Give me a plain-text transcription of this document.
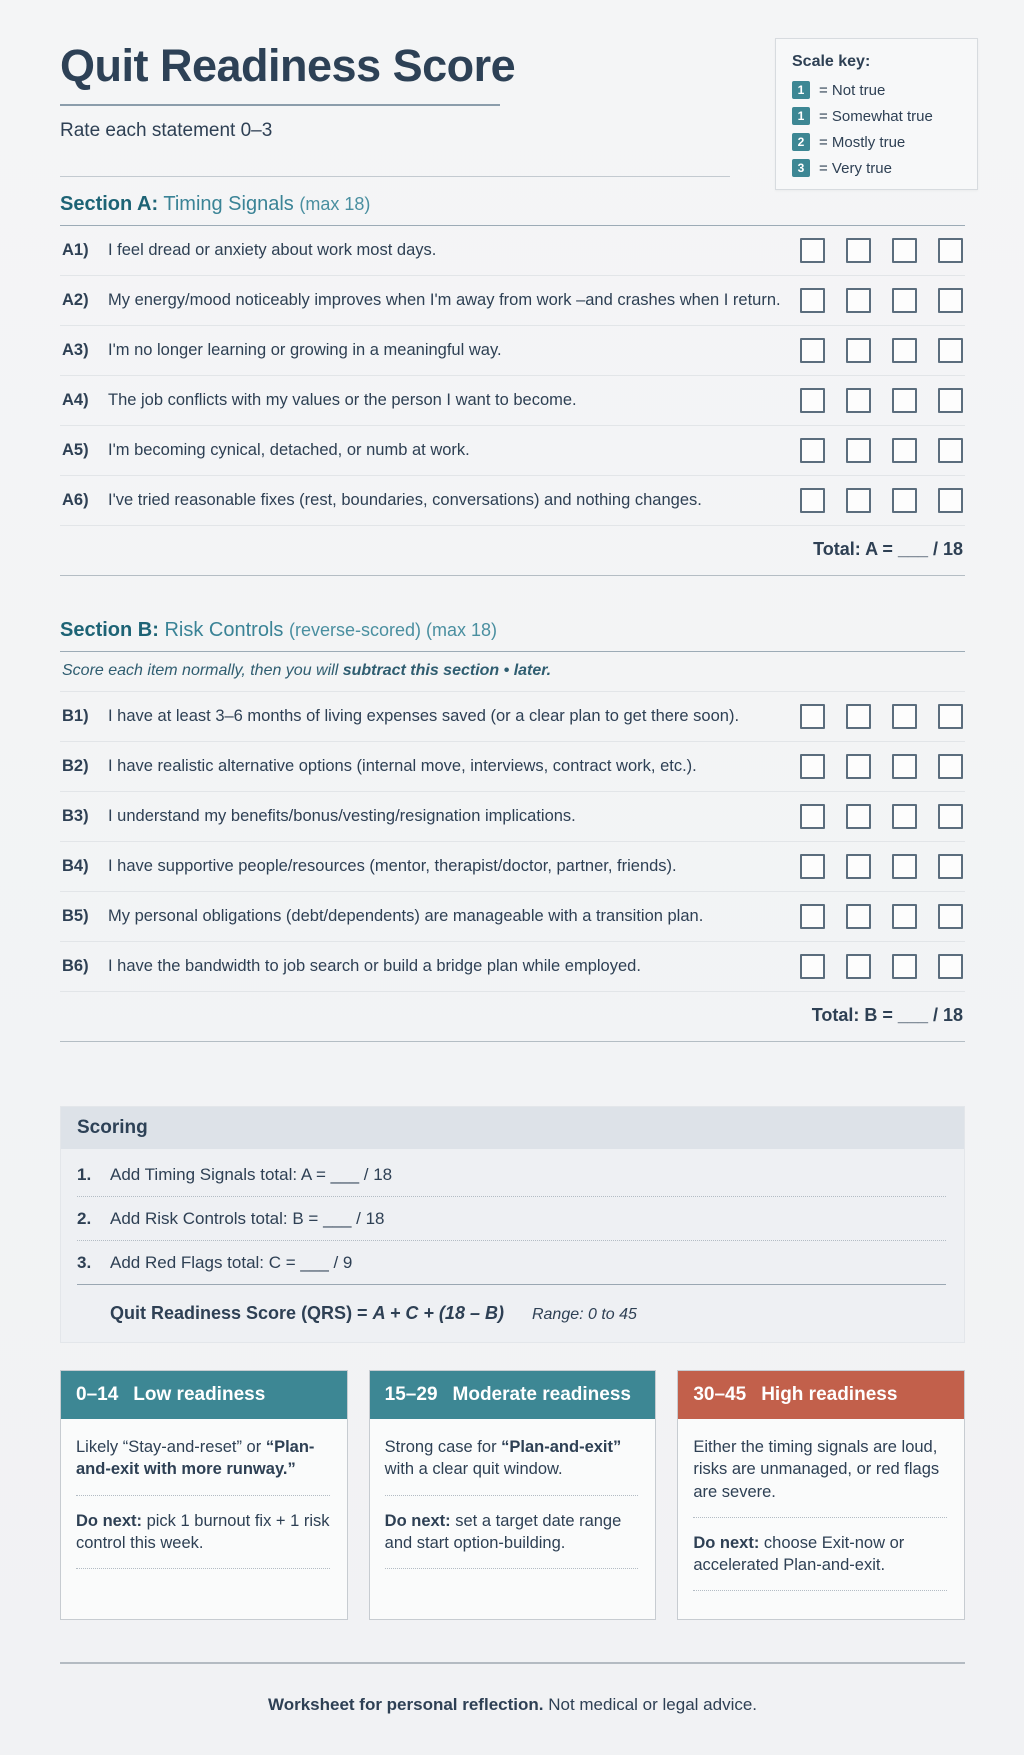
Quit Readiness Score
Rate each statement 0–3
Scale key:
1 = Not true
1 = Somewhat true
2 = Mostly true
3 = Very true
Section A: Timing Signals (max 18)
A1)	I feel dread or anxiety about work most days.
A2)	My energy/mood noticeably improves when I'm away from work –and crashes when I return.
A3)	I'm no longer learning or growing in a meaningful way.
A4)	The job conflicts with my values or the person I want to become.
A5)	I'm becoming cynical, detached, or numb at work.
A6)	I've tried reasonable fixes (rest, boundaries, conversations) and nothing changes.
Total: A = ___ / 18
Section B: Risk Controls (reverse-scored) (max 18)
Score each item normally, then you will subtract this section • later.
B1)	I have at least 3–6 months of living expenses saved (or a clear plan to get there soon).
B2)	I have realistic alternative options (internal move, interviews, contract work, etc.).
B3)	I understand my benefits/bonus/vesting/resignation implications.
B4)	I have supportive people/resources (mentor, therapist/doctor, partner, friends).
B5)	My personal obligations (debt/dependents) are manageable with a transition plan.
B6)	I have the bandwidth to job search or build a bridge plan while employed.
Total: B = ___ / 18
Scoring
1.	Add Timing Signals total: A = ___ / 18
2.	Add Risk Controls total: B = ___ / 18
3.	Add Red Flags total: C = ___ / 9
Quit Readiness Score (QRS) = A + C + (18 – B) Range: 0 to 45
0–14 Low readiness
Likely “Stay-and-reset” or “Plan-and-exit with more runway.”
Do next: pick 1 burnout fix + 1 risk control this week.
15–29 Moderate readiness
Strong case for “Plan-and-exit” with a clear quit window.
Do next: set a target date range and start option-building.
30–45 High readiness
Either the timing signals are loud, risks are unmanaged, or red flags are severe.
Do next: choose Exit-now or accelerated Plan-and-exit.
Worksheet for personal reflection. Not medical or legal advice.
